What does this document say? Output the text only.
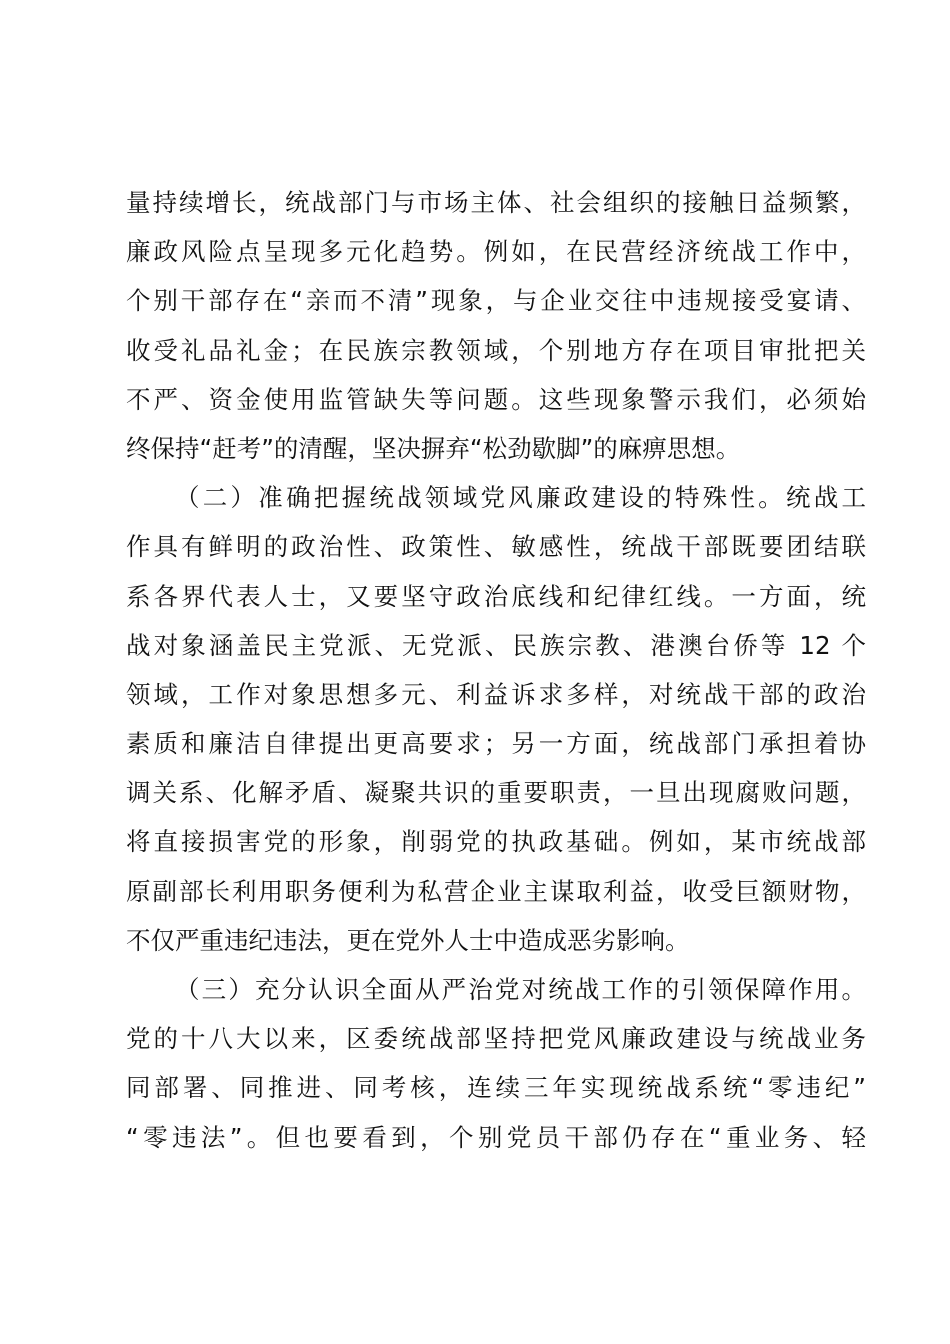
量持续增长，统战部门与市场主体、社会组织的接触日益频繁，

廉政风险点呈现多元化趋势。例如，在民营经济统战工作中，

个别干部存在“亲而不清”现象，与企业交往中违规接受宴请、

收受礼品礼金；在民族宗教领域，个别地方存在项目审批把关

不严、资金使用监管缺失等问题。这些现象警示我们，必须始

终保持“赶考”的清醒，坚决摒弃“松劲歇脚”的麻痹思想。

（二）准确把握统战领域党风廉政建设的特殊性。统战工

作具有鲜明的政治性、政策性、敏感性，统战干部既要团结联

系各界代表人士，又要坚守政治底线和纪律红线。一方面，统

战对象涵盖民主党派、无党派、民族宗教、港澳台侨等 12 个

领域，工作对象思想多元、利益诉求多样，对统战干部的政治

素质和廉洁自律提出更高要求；另一方面，统战部门承担着协

调关系、化解矛盾、凝聚共识的重要职责，一旦出现腐败问题，

将直接损害党的形象，削弱党的执政基础。例如，某市统战部

原副部长利用职务便利为私营企业主谋取利益，收受巨额财物，

不仅严重违纪违法，更在党外人士中造成恶劣影响。

（三）充分认识全面从严治党对统战工作的引领保障作用。

党的十八大以来，区委统战部坚持把党风廉政建设与统战业务

同部署、同推进、同考核，连续三年实现统战系统“零违纪”

“零违法”。但也要看到，个别党员干部仍存在“重业务、轻
